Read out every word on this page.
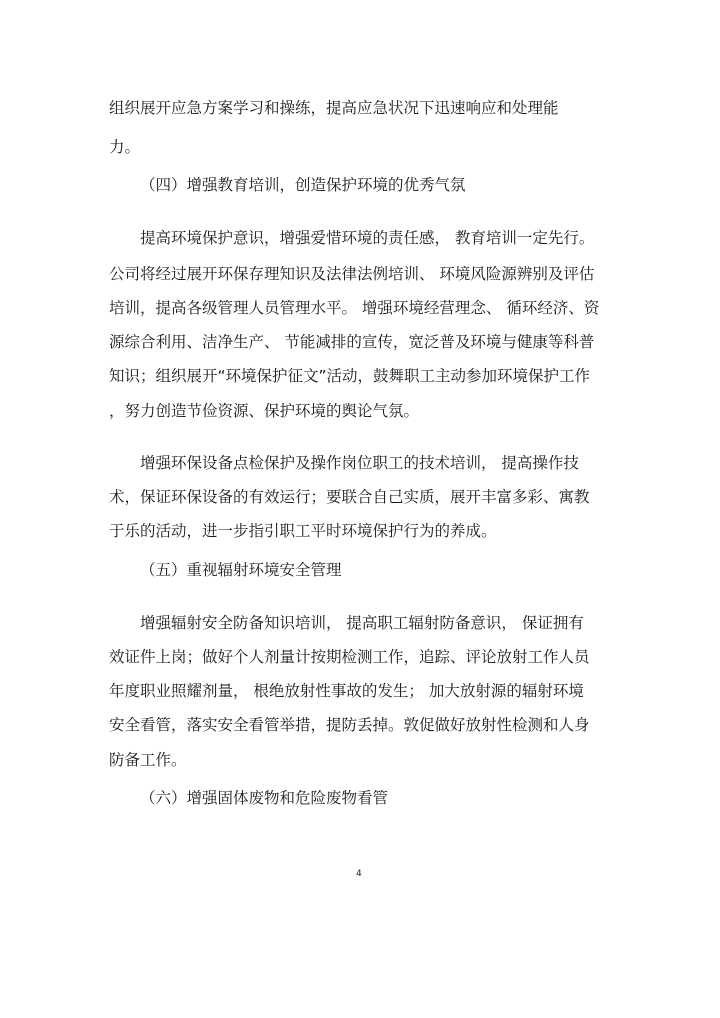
组织展开应急方案学习和操练，提高应急状况下迅速响应和处理能
力。
（四）增强教育培训，创造保护环境的优秀气氛
提高环境保护意识，增强爱惜环境的责任感， 教育培训一定先行。
公司将经过展开环保存理知识及法律法例培训、 环境风险源辨别及评估
培训，提高各级管理人员管理水平。 增强环境经营理念、 循环经济、资
源综合利用、洁净生产、 节能减排的宣传，宽泛普及环境与健康等科普
知识；组织展开“环境保护征文”活动，鼓舞职工主动参加环境保护工作
，努力创造节俭资源、保护环境的舆论气氛。
增强环保设备点检保护及操作岗位职工的技术培训， 提高操作技
术，保证环保设备的有效运行；要联合自己实质，展开丰富多彩、寓教
于乐的活动，进一步指引职工平时环境保护行为的养成。
（五）重视辐射环境安全管理
增强辐射安全防备知识培训， 提高职工辐射防备意识， 保证拥有
效证件上岗；做好个人剂量计按期检测工作，追踪、评论放射工作人员
年度职业照耀剂量， 根绝放射性事故的发生； 加大放射源的辐射环境
安全看管，落实安全看管举措，提防丢掉。敦促做好放射性检测和人身
防备工作。
（六）增强固体废物和危险废物看管
4
